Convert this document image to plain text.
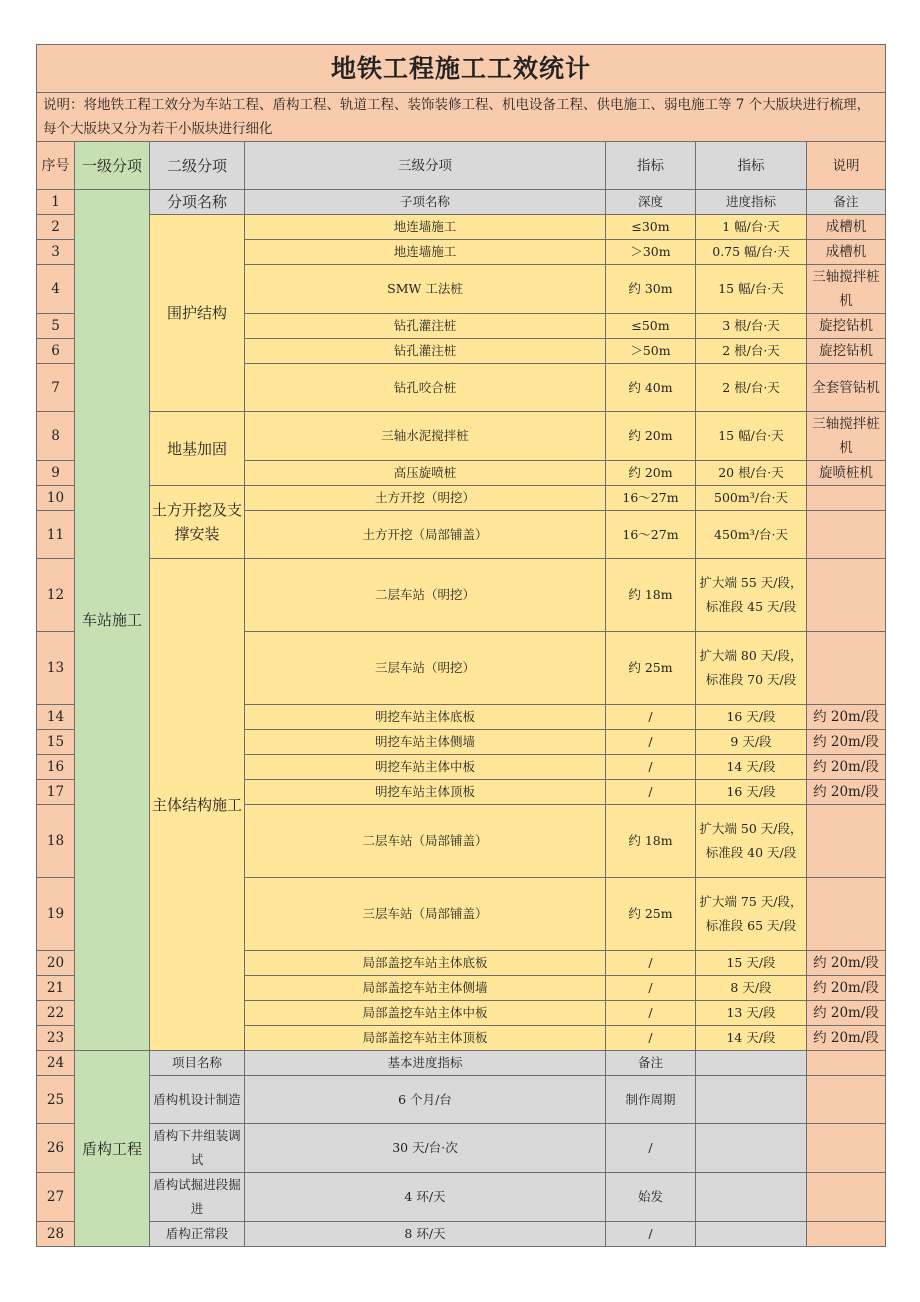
地铁工程施工工效统计						
说明：将地铁工程工效分为车站工程、盾构工程、轨道工程、装饰装修工程、机电设备工程、供电施工、弱电施工等 7 个大版块进行梳理，每个大版块又分为若干小版块进行细化						
序号	一级分项	二级分项	三级分项	指标	指标	说明
1	车站施工	分项名称	子项名称	深度	进度指标	备注
2		围护结构	地连墙施工	≤30m	1 幅/台·天	成槽机
3			地连墙施工	＞30m	0.75 幅/台·天	成槽机
4			SMW 工法桩	约 30m	15 幅/台·天	三轴搅拌桩机
5			钻孔灌注桩	≤50m	3 根/台·天	旋挖钻机
6			钻孔灌注桩	＞50m	2 根/台·天	旋挖钻机
7			钻孔咬合桩	约 40m	2 根/台·天	全套管钻机
8		地基加固	三轴水泥搅拌桩	约 20m	15 幅/台·天	三轴搅拌桩机
9			高压旋喷桩	约 20m	20 根/台·天	旋喷桩机
10		土方开挖及支撑安装	土方开挖（明挖）	16～27m	500m³/台·天	
11			土方开挖（局部铺盖）	16～27m	450m³/台·天	
12		主体结构施工	二层车站（明挖）	约 18m	扩大端 55 天/段，标准段 45 天/段	
13			三层车站（明挖）	约 25m	扩大端 80 天/段，标准段 70 天/段	
14			明挖车站主体底板	/	16 天/段	约 20m/段
15			明挖车站主体侧墙	/	9 天/段	约 20m/段
16			明挖车站主体中板	/	14 天/段	约 20m/段
17			明挖车站主体顶板	/	16 天/段	约 20m/段
18			二层车站（局部铺盖）	约 18m	扩大端 50 天/段，标准段 40 天/段	
19			三层车站（局部铺盖）	约 25m	扩大端 75 天/段，标准段 65 天/段	
20			局部盖挖车站主体底板	/	15 天/段	约 20m/段
21			局部盖挖车站主体侧墙	/	8 天/段	约 20m/段
22			局部盖挖车站主体中板	/	13 天/段	约 20m/段
23			局部盖挖车站主体顶板	/	14 天/段	约 20m/段
24	盾构工程	项目名称	基本进度指标	备注		
25		盾构机设计制造	6 个月/台	制作周期		
26		盾构下井组装调试	30 天/台·次	/		
27		盾构试掘进段掘进	4 环/天	始发		
28		盾构正常段	8 环/天	/		
